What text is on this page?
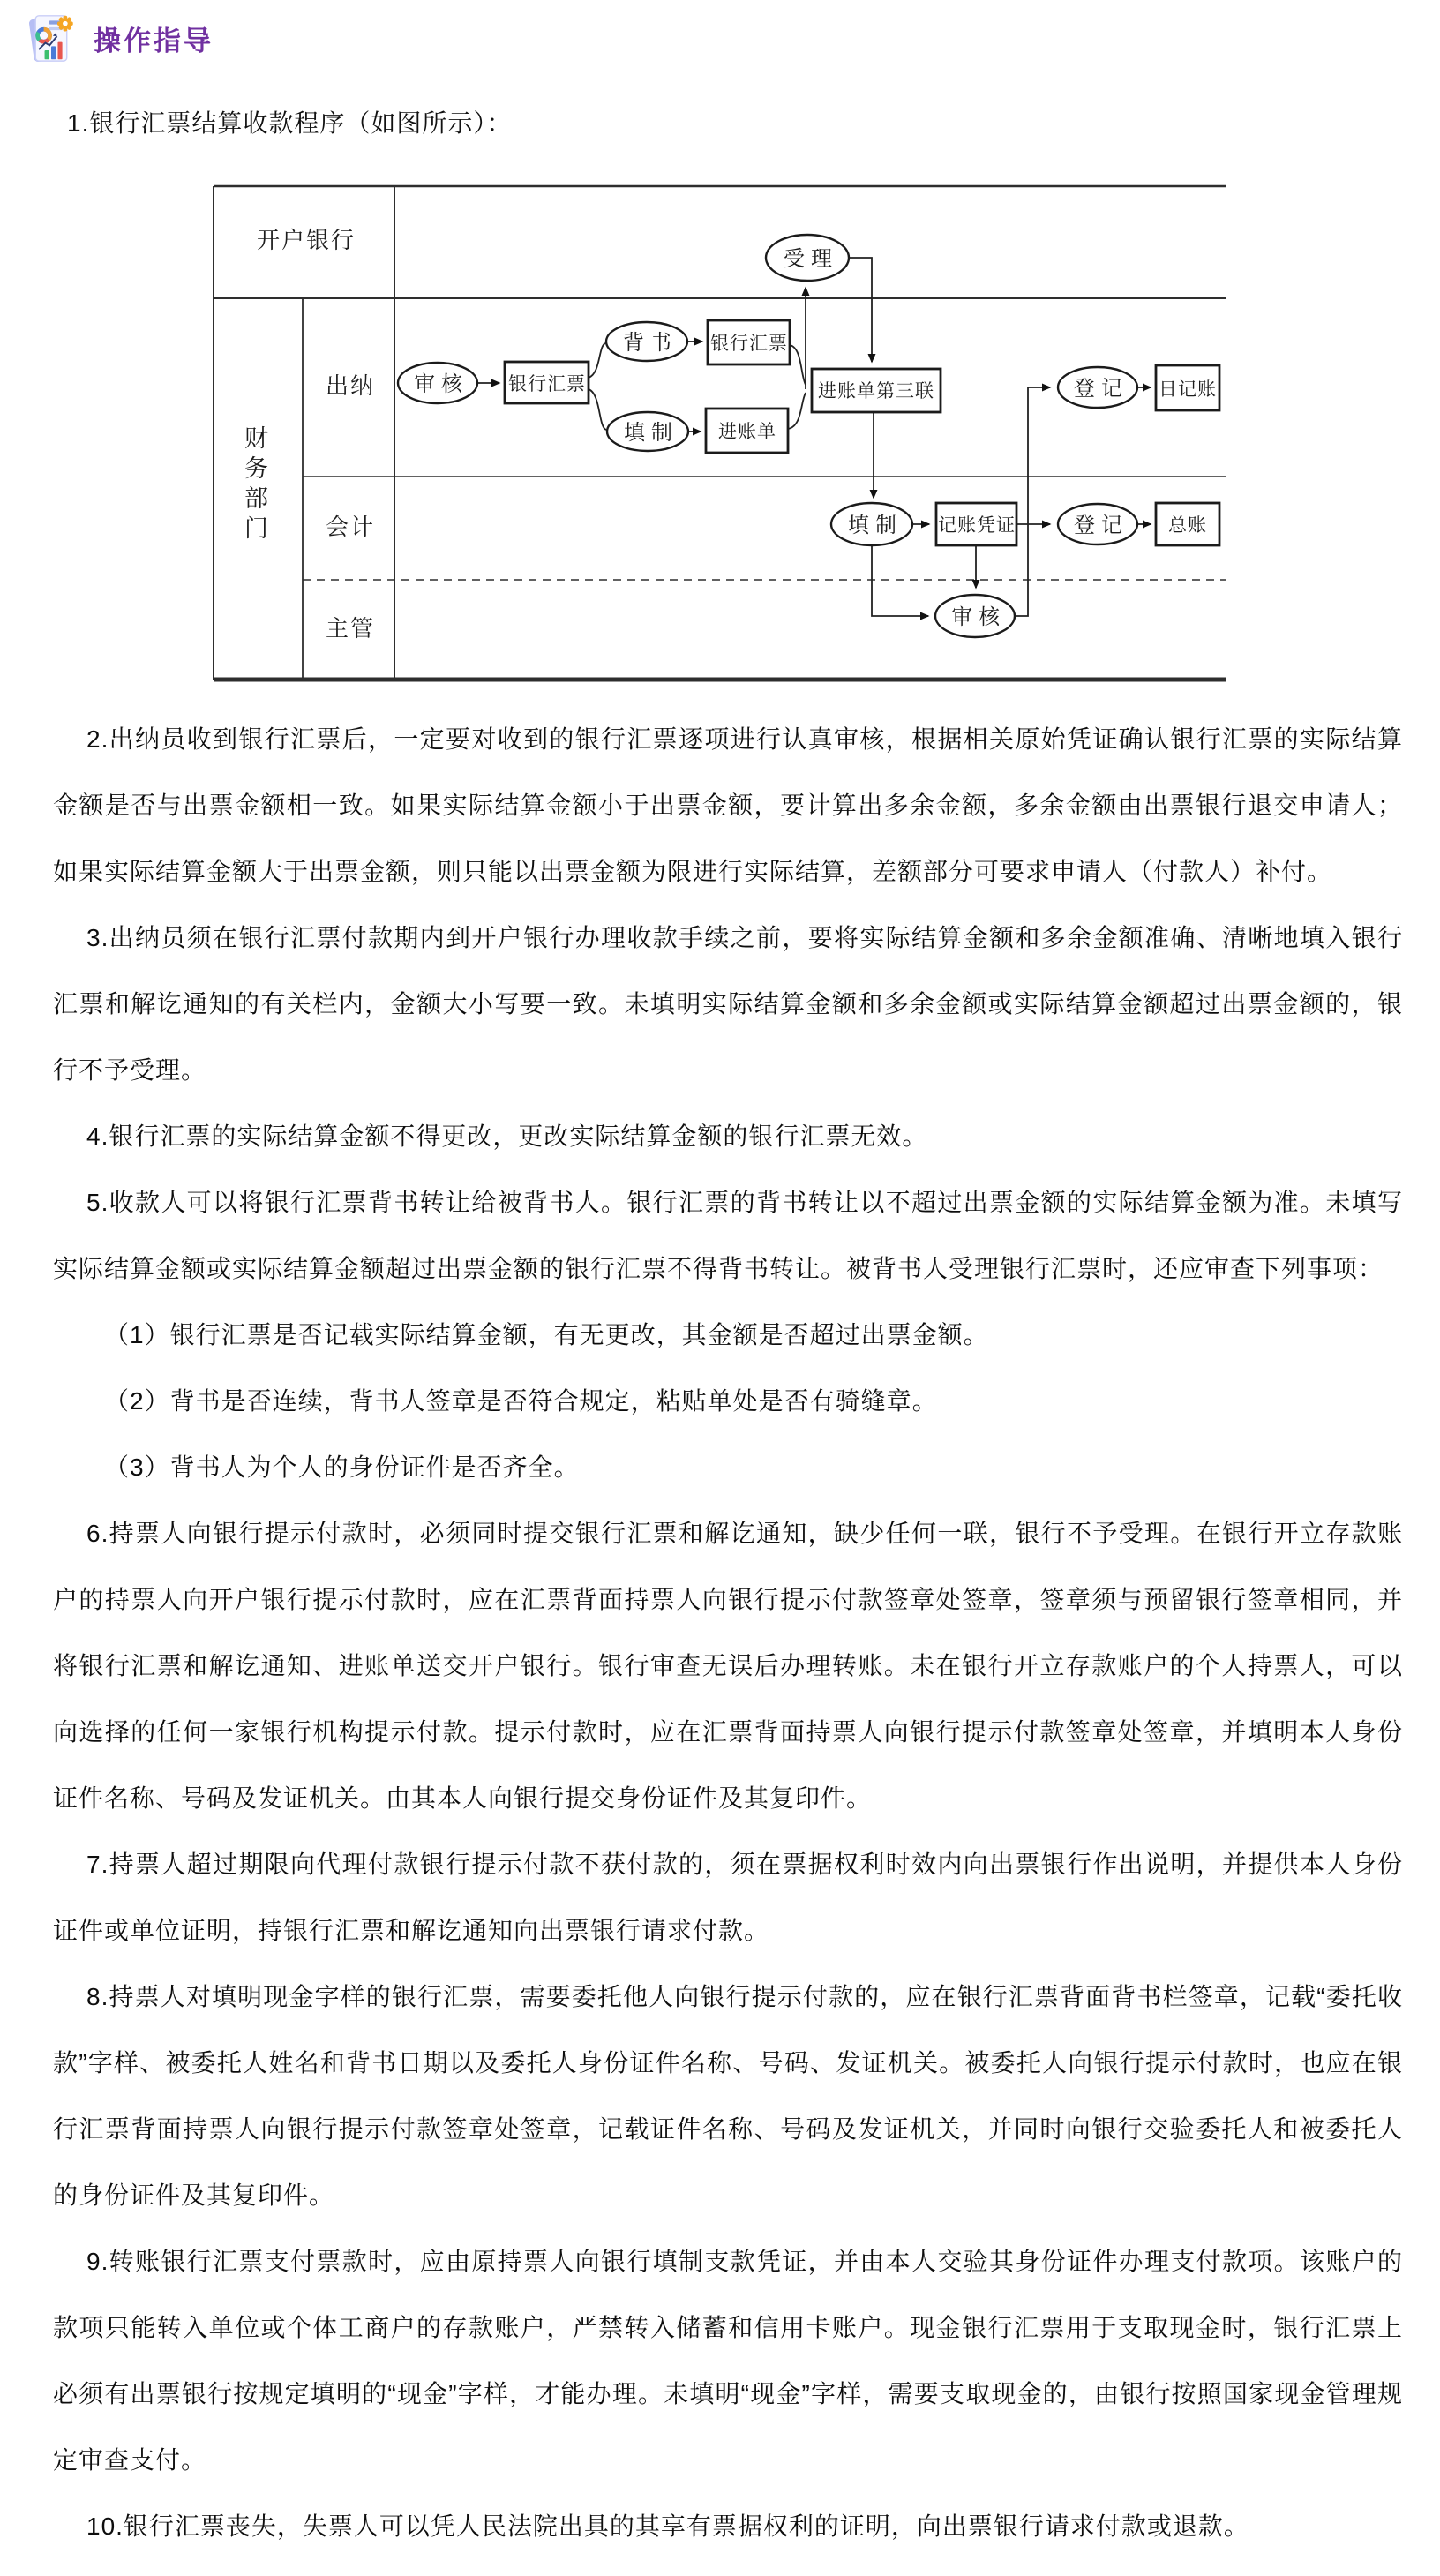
操作指导
1.银行汇票结算收款程序（如图所示）：
开户银行
出纳
会计
主管
审核 银行汇票
背书 银行汇票
填制 进账单
受理
进账单第三联	登记 日记账
填制 记账凭证	登记 总账
审核
财务部门

2.出纳员收到银行汇票后，一定要对收到的银行汇票逐项进行认真审核，根据相关原始凭证确认银行汇票的实际结算金额是否与出票金额相一致。如果实际结算金额小于出票金额，要计算出多余金额，多余金额由出票银行退交申请人；如果实际结算金额大于出票金额，则只能以出票金额为限进行实际结算，差额部分可要求申请人（付款人）补付。

3.出纳员须在银行汇票付款期内到开户银行办理收款手续之前，要将实际结算金额和多余金额准确、清晰地填入银行汇票和解讫通知的有关栏内，金额大小写要一致。未填明实际结算金额和多余金额或实际结算金额超过出票金额的，银行不予受理。

4.银行汇票的实际结算金额不得更改，更改实际结算金额的银行汇票无效。

5.收款人可以将银行汇票背书转让给被背书人。银行汇票的背书转让以不超过出票金额的实际结算金额为准。未填写实际结算金额或实际结算金额超过出票金额的银行汇票不得背书转让。被背书人受理银行汇票时，还应审查下列事项：

（1）银行汇票是否记载实际结算金额，有无更改，其金额是否超过出票金额。

（2）背书是否连续，背书人签章是否符合规定，粘贴单处是否有骑缝章。

（3）背书人为个人的身份证件是否齐全。

6.持票人向银行提示付款时，必须同时提交银行汇票和解讫通知，缺少任何一联，银行不予受理。在银行开立存款账户的持票人向开户银行提示付款时，应在汇票背面持票人向银行提示付款签章处签章，签章须与预留银行签章相同，并将银行汇票和解讫通知、进账单送交开户银行。银行审查无误后办理转账。未在银行开立存款账户的个人持票人，可以向选择的任何一家银行机构提示付款。提示付款时，应在汇票背面持票人向银行提示付款签章处签章，并填明本人身份证件名称、号码及发证机关。由其本人向银行提交身份证件及其复印件。

7.持票人超过期限向代理付款银行提示付款不获付款的，须在票据权利时效内向出票银行作出说明，并提供本人身份证件或单位证明，持银行汇票和解讫通知向出票银行请求付款。

8.持票人对填明现金字样的银行汇票，需要委托他人向银行提示付款的，应在银行汇票背面背书栏签章，记载“委托收款”字样、被委托人姓名和背书日期以及委托人身份证件名称、号码、发证机关。被委托人向银行提示付款时，也应在银行汇票背面持票人向银行提示付款签章处签章，记载证件名称、号码及发证机关，并同时向银行交验委托人和被委托人的身份证件及其复印件。

9.转账银行汇票支付票款时，应由原持票人向银行填制支款凭证，并由本人交验其身份证件办理支付款项。该账户的款项只能转入单位或个体工商户的存款账户，严禁转入储蓄和信用卡账户。现金银行汇票用于支取现金时，银行汇票上必须有出票银行按规定填明的“现金”字样，才能办理。未填明“现金”字样，需要支取现金的，由银行按照国家现金管理规定审查支付。

10.银行汇票丧失，失票人可以凭人民法院出具的其享有票据权利的证明，向出票银行请求付款或退款。
